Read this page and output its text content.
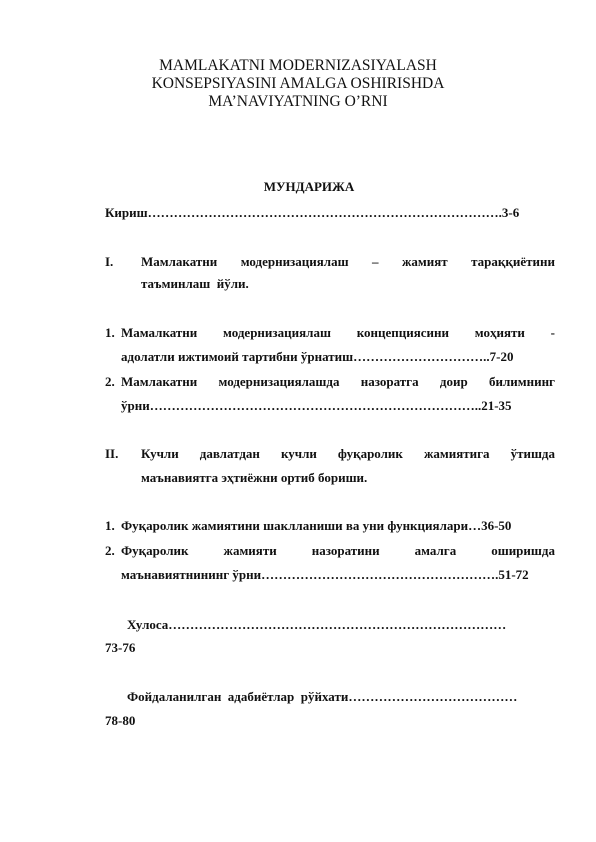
MAMLAKATNI MODERNIZASIYALASH
KONSEPSIYASINI AMALGA OSHIRISHDA
MA’NAVIYATNING O’RNI
МУНДАРИЖА
Кириш……………………………………………………………………….3-6
I. Мамлакатни модернизациялаш – жамият тараққиётини
таъминлаш  йўли.
1. Мамалкатни модернизациялаш концепциясини моҳияти -
адолатли ижтимоий тартибни ўрнатиш…………………………..7-20
2. Мамлакатни модернизациялашда назоратга доир билимнинг
ўрни…………………………………………………………………..21-35
II. Кучли давлатдан кучли фуқаролик жамиятига ўтишда
маънавиятга эҳтиёжни ортиб бориши.
1. Фуқаролик жамиятини шаклланиши ва уни функциялари…36-50
2. Фуқаролик	жамияти	назоратини	амалга	оширишда
маънавиятнининг ўрни……………………………………………….51-72
Хулоса……………………………………………………………………
73-76
Фойдаланилган  адабиётлар  рўйхати…………………………………
78-80
